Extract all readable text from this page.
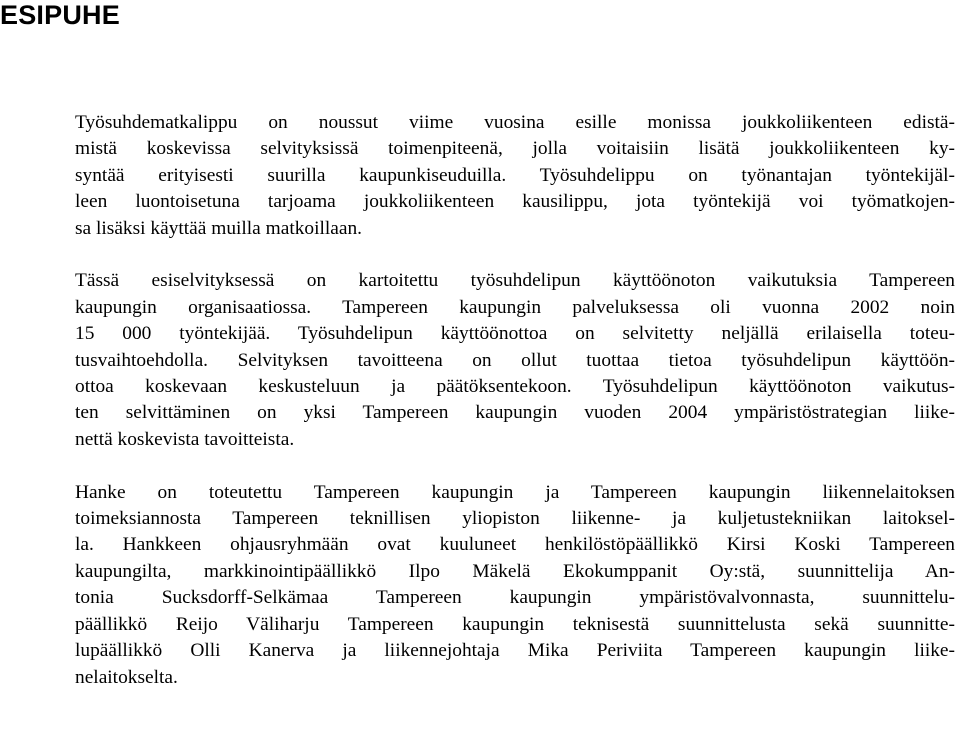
ESIPUHE

Työsuhdematkalippu on noussut viime vuosina esille monissa joukkoliikenteen edistä-
mistä koskevissa selvityksissä toimenpiteenä, jolla voitaisiin lisätä joukkoliikenteen ky-
syntää erityisesti suurilla kaupunkiseuduilla. Työsuhdelippu on työnantajan työntekijäl-
leen luontoisetuna tarjoama joukkoliikenteen kausilippu, jota työntekijä voi työmatkojen-
sa lisäksi käyttää muilla matkoillaan.

Tässä esiselvityksessä on kartoitettu työsuhdelipun käyttöönoton vaikutuksia Tampereen
kaupungin organisaatiossa. Tampereen kaupungin palveluksessa oli vuonna 2002 noin
15 000 työntekijää. Työsuhdelipun käyttöönottoa on selvitetty neljällä erilaisella toteu-
tusvaihtoehdolla. Selvityksen tavoitteena on ollut tuottaa tietoa työsuhdelipun käyttöön-
ottoa koskevaan keskusteluun ja päätöksentekoon. Työsuhdelipun käyttöönoton vaikutus-
ten selvittäminen on yksi Tampereen kaupungin vuoden 2004 ympäristöstrategian liike-
nettä koskevista tavoitteista.

Hanke on toteutettu Tampereen kaupungin ja Tampereen kaupungin liikennelaitoksen
toimeksiannosta Tampereen teknillisen yliopiston liikenne- ja kuljetustekniikan laitoksel-
la. Hankkeen ohjausryhmään ovat kuuluneet henkilöstöpäällikkö Kirsi Koski Tampereen
kaupungilta, markkinointipäällikkö Ilpo Mäkelä Ekokumppanit Oy:stä, suunnittelija An-
tonia Sucksdorff-Selkämaa Tampereen kaupungin ympäristövalvonnasta, suunnittelu-
päällikkö Reijo Väliharju Tampereen kaupungin teknisestä suunnittelusta sekä suunnitte-
lupäällikkö Olli Kanerva ja liikennejohtaja Mika Periviita Tampereen kaupungin liike-
nelaitokselta.
